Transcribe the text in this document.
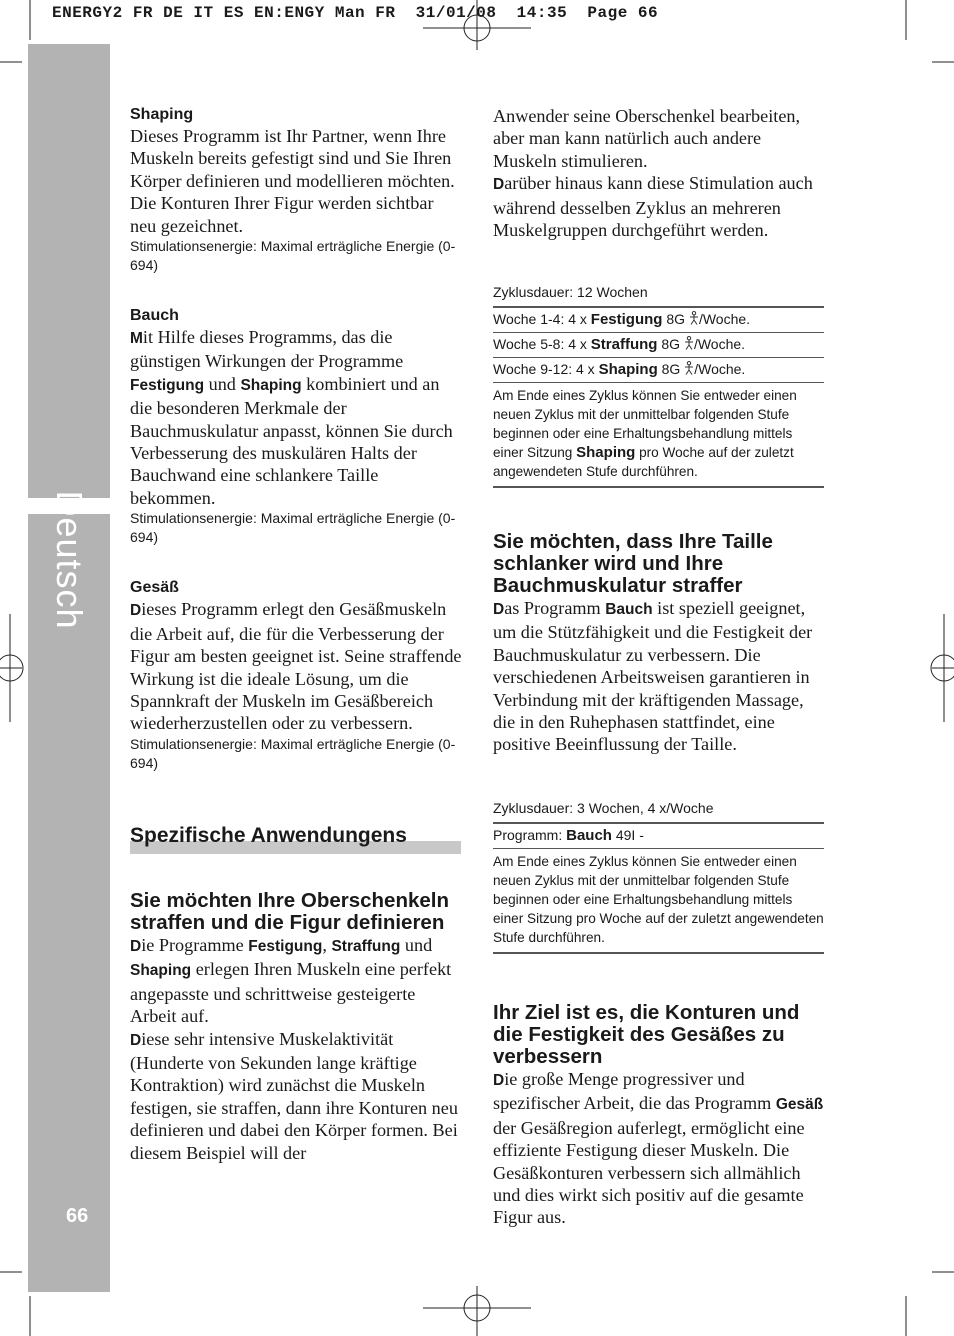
ENERGY2 FR DE IT ES EN:ENGY Man FR  31/01/08  14:35  Page 66
Deutsch
66
Shaping

Dieses Programm ist Ihr Partner, wenn Ihre Muskeln bereits gefestigt sind und Sie Ihren Körper definieren und modellieren möchten. Die Konturen Ihrer Figur werden sichtbar neu gezeichnet.

Stimulationsenergie: Maximal erträgliche Energie (0-694)

Bauch

Mit Hilfe dieses Programms, das die günstigen Wirkungen der Programme Festigung und Shaping kombiniert und an die besonderen Merkmale der Bauchmuskulatur anpasst, können Sie durch Verbesserung des muskulären Halts der Bauchwand eine schlankere Taille bekommen.

Stimulationsenergie: Maximal erträgliche Energie (0-694)

Gesäß

Dieses Programm erlegt den Gesäßmuskeln die Arbeit auf, die für die Verbesserung der Figur am besten geeignet ist. Seine straffende Wirkung ist die ideale Lösung, um die Spannkraft der Muskeln im Gesäßbereich wiederherzustellen oder zu verbessern.

Stimulationsenergie: Maximal erträgliche Energie (0-694)

Spezifische Anwendungens
Sie möchten Ihre Oberschenkeln straffen und die Figur definieren

Die Programme Festigung, Straffung und Shaping erlegen Ihren Muskeln eine perfekt angepasste und schrittweise gesteigerte Arbeit auf.

Diese sehr intensive Muskelaktivität (Hunderte von Sekunden lange kräftige Kontraktion) wird zunächst die Muskeln festigen, sie straffen, dann ihre Konturen neu definieren und dabei den Körper formen. Bei diesem Beispiel will der

Anwender seine Oberschenkel bearbeiten, aber man kann natürlich auch andere Muskeln stimulieren.

Darüber hinaus kann diese Stimulation auch während desselben Zyklus an mehreren Muskelgruppen durchgeführt werden.

Zyklusdauer: 12 Wochen
Woche 1-4: 4 x Festigung 8G /Woche.
Woche 5-8: 4 x Straffung 8G /Woche.
Woche 9-12: 4 x Shaping 8G /Woche.
Am Ende eines Zyklus können Sie entweder einen neuen Zyklus mit der unmittelbar folgenden Stufe beginnen oder eine Erhaltungsbehandlung mittels einer Sitzung Shaping pro Woche auf der zuletzt angewendeten Stufe durchführen.
Sie möchten, dass Ihre Taille schlanker wird und Ihre Bauchmuskulatur straffer

Das Programm Bauch ist speziell geeignet, um die Stützfähigkeit und die Festigkeit der Bauchmuskulatur zu verbessern. Die verschiedenen Arbeitsweisen garantieren in Verbindung mit der kräftigenden Massage, die in den Ruhephasen stattfindet, eine positive Beeinflussung der Taille.

Zyklusdauer: 3 Wochen, 4 x/Woche
Programm: Bauch 49I -
Am Ende eines Zyklus können Sie entweder einen neuen Zyklus mit der unmittelbar folgenden Stufe beginnen oder eine Erhaltungsbehandlung mittels einer Sitzung pro Woche auf der zuletzt angewendeten Stufe durchführen.
Ihr Ziel ist es, die Konturen und die Festigkeit des Gesäßes zu verbessern

Die große Menge progressiver und spezifischer Arbeit, die das Programm Gesäß der Gesäßregion auferlegt, ermöglicht eine effiziente Festigung dieser Muskeln. Die Gesäßkonturen verbessern sich allmählich und dies wirkt sich positiv auf die gesamte Figur aus.
